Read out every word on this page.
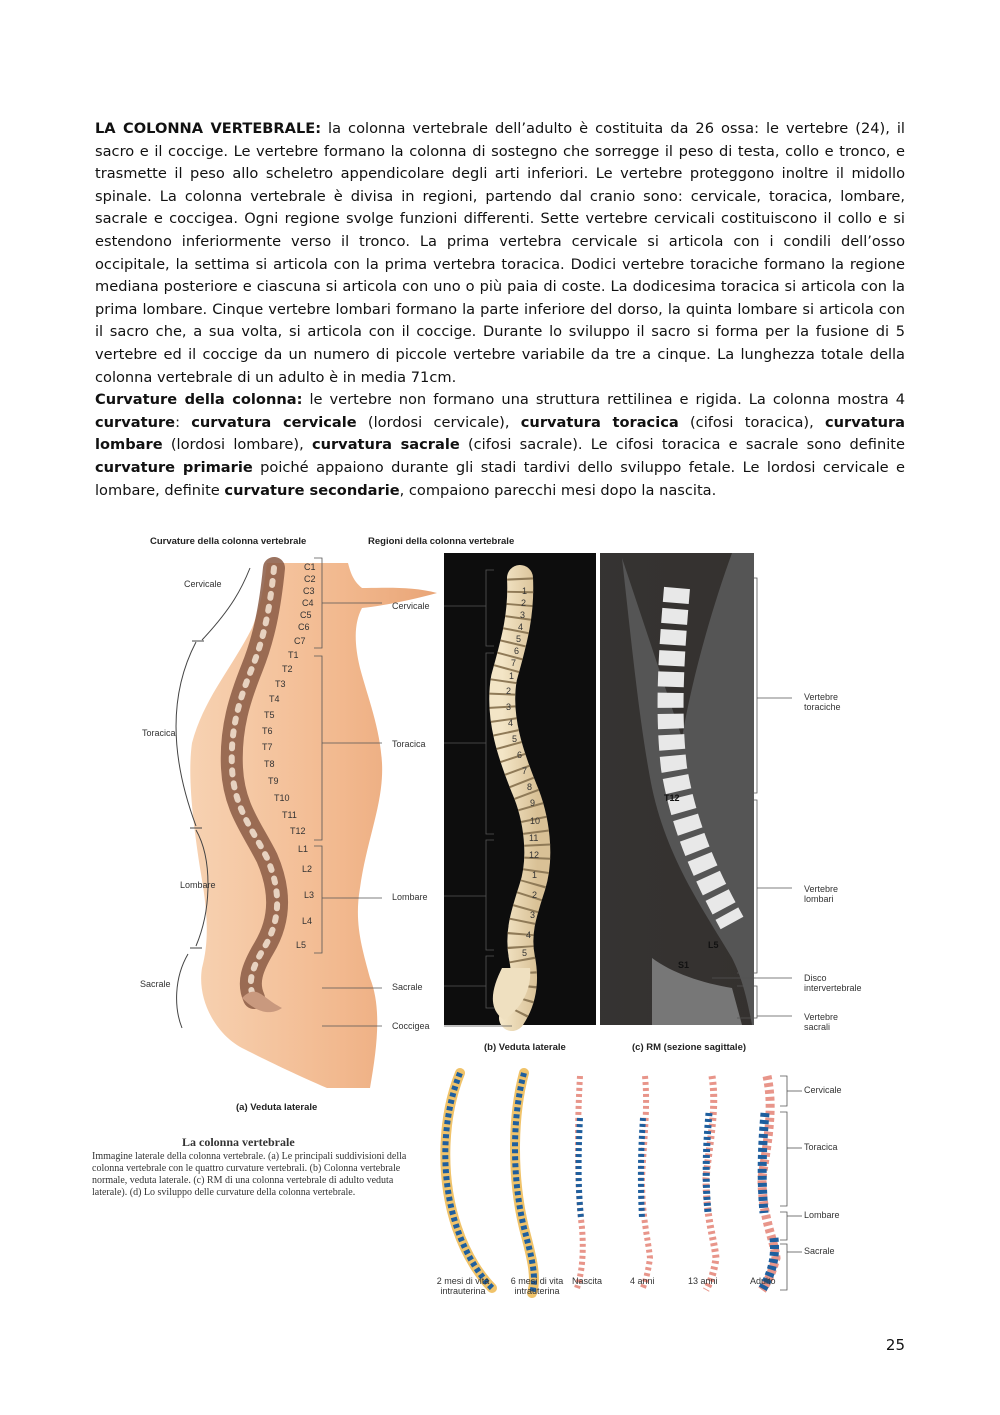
LA COLONNA VERTEBRALE: la colonna vertebrale dell’adulto è costituita da 26 ossa: le vertebre (24), il sacro e il coccige. Le vertebre formano la colonna di sostegno che sorregge il peso di testa, collo e tronco, e trasmette il peso allo scheletro appendicolare degli arti inferiori. Le vertebre proteggono inoltre il midollo spinale. La colonna vertebrale è divisa in regioni, partendo dal cranio sono: cervicale, toracica, lombare, sacrale e coccigea. Ogni regione svolge funzioni differenti. Sette vertebre cervicali costituiscono il collo e si estendono inferiormente verso il tronco. La prima vertebra cervicale si articola con i condili dell’osso occipitale, la settima si articola con la prima vertebra toracica. Dodici vertebre toraciche formano la regione mediana posteriore e ciascuna si articola con uno o più paia di coste. La dodicesima toracica si articola con la prima lombare. Cinque vertebre lombari formano la parte inferiore del dorso, la quinta lombare si articola con il sacro che, a sua volta, si articola con il coccige. Durante lo sviluppo il sacro si forma per la fusione di 5 vertebre ed il coccige da un numero di piccole vertebre variabile da tre a cinque. La lunghezza totale della colonna vertebrale di un adulto è in media 71cm.

Curvature della colonna: le vertebre non formano una struttura rettilinea e rigida. La colonna mostra 4 curvature: curvatura cervicale (lordosi cervicale), curvatura toracica (cifosi toracica), curvatura lombare (lordosi lombare), curvatura sacrale (cifosi sacrale). Le cifosi toracica e sacrale sono definite curvature primarie poiché appaiono durante gli stadi tardivi dello sviluppo fetale. Le lordosi cervicale e lombare, definite curvature secondarie, compaiono parecchi mesi dopo la nascita.

Curvature della colonna vertebrale	Regioni della colonna vertebrale
Cervicale
Toracica
Lombare
Sacrale
C1
C2
C3
C4
C5
C6
C7
T1
T2
T3
T4
T5
T6
T7
T8
T9
T10
T11
T12
L1
L2
L3
L4
L5
Cervicale
Toracica
Lombare
Sacrale
Coccigea
1
2
3
4
5
6
7
1
2
3
4
5
6
7
8
9
10
11
12
1
2
3
4
5
T12
L5
S1
Vertebre toraciche
Vertebre lombari
Disco intervertebrale
Vertebre sacrali
(a) Veduta laterale
(b) Veduta laterale	(c) RM (sezione sagittale)
2 mesi di vita intrauterina
6 mesi di vita intrauterina
Nascita	4 anni	13 anni	Adulto
Cervicale
Toracica
Lombare
Sacrale
La colonna vertebrale
Immagine laterale della colonna vertebrale. (a) Le principali suddivisioni della colonna vertebrale con le quattro curvature vertebrali. (b) Colonna vertebrale normale, veduta laterale. (c) RM di una colonna vertebrale di adulto veduta laterale). (d) Lo sviluppo delle curvature della colonna vertebrale.
25
